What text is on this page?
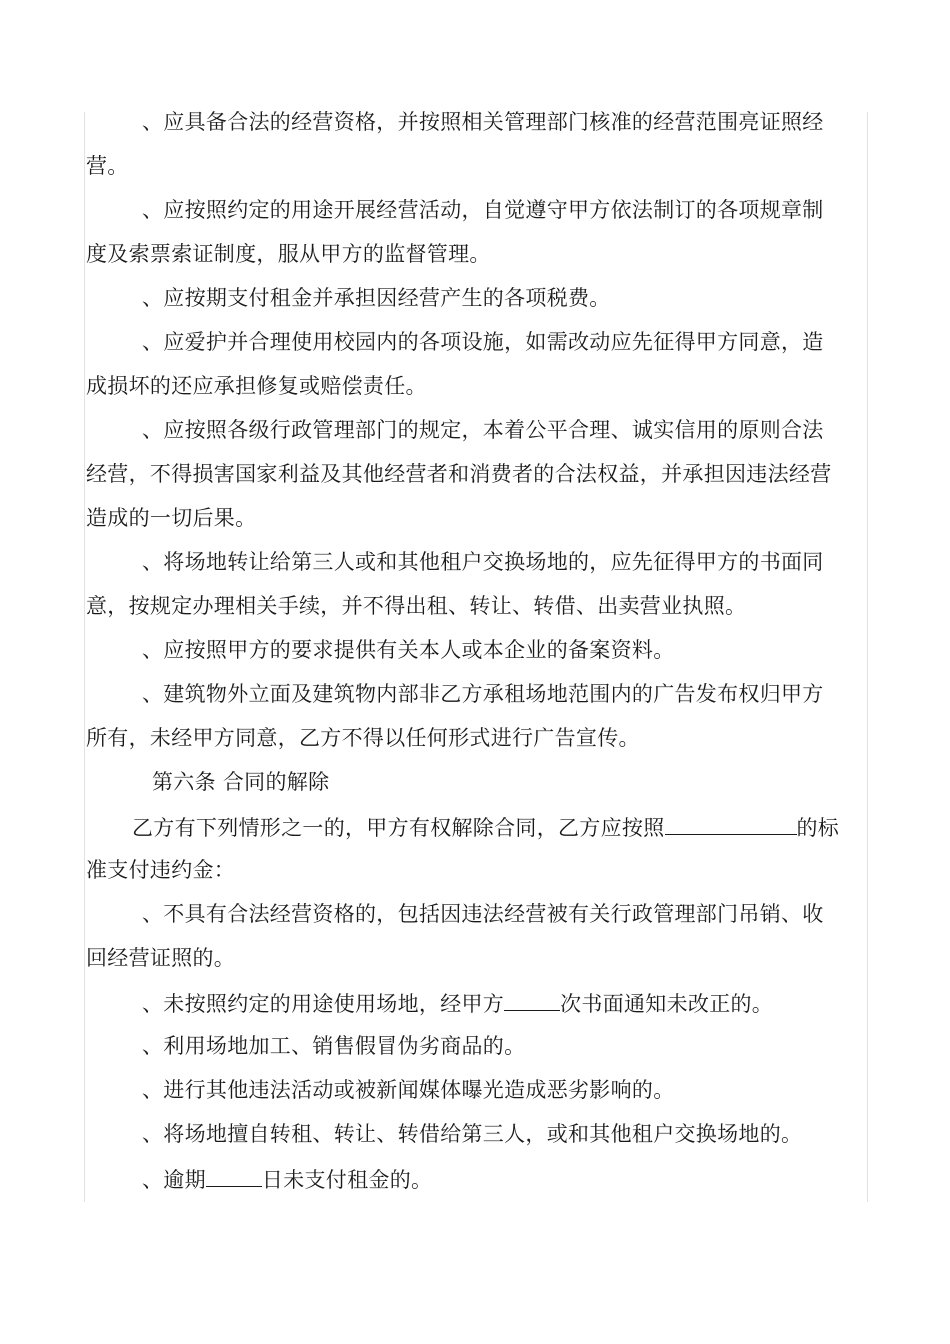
、应具备合法的经营资格，并按照相关管理部门核准的经营范围亮证照经
营。
、应按照约定的用途开展经营活动，自觉遵守甲方依法制订的各项规章制
度及索票索证制度，服从甲方的监督管理。
、应按期支付租金并承担因经营产生的各项税费。
、应爱护并合理使用校园内的各项设施，如需改动应先征得甲方同意，造
成损坏的还应承担修复或赔偿责任。
、应按照各级行政管理部门的规定，本着公平合理、诚实信用的原则合法
经营，不得损害国家利益及其他经营者和消费者的合法权益，并承担因违法经营
造成的一切后果。
、将场地转让给第三人或和其他租户交换场地的，应先征得甲方的书面同
意，按规定办理相关手续，并不得出租、转让、转借、出卖营业执照。
、应按照甲方的要求提供有关本人或本企业的备案资料。
、建筑物外立面及建筑物内部非乙方承租场地范围内的广告发布权归甲方
所有，未经甲方同意，乙方不得以任何形式进行广告宣传。
第六条 合同的解除
乙方有下列情形之一的，甲方有权解除合同，乙方应按照	的标
准支付违约金：
、不具有合法经营资格的，包括因违法经营被有关行政管理部门吊销、收
回经营证照的。
、未按照约定的用途使用场地，经甲方	次书面通知未改正的。
、利用场地加工、销售假冒伪劣商品的。
、进行其他违法活动或被新闻媒体曝光造成恶劣影响的。
、将场地擅自转租、转让、转借给第三人，或和其他租户交换场地的。
、逾期	日未支付租金的。
